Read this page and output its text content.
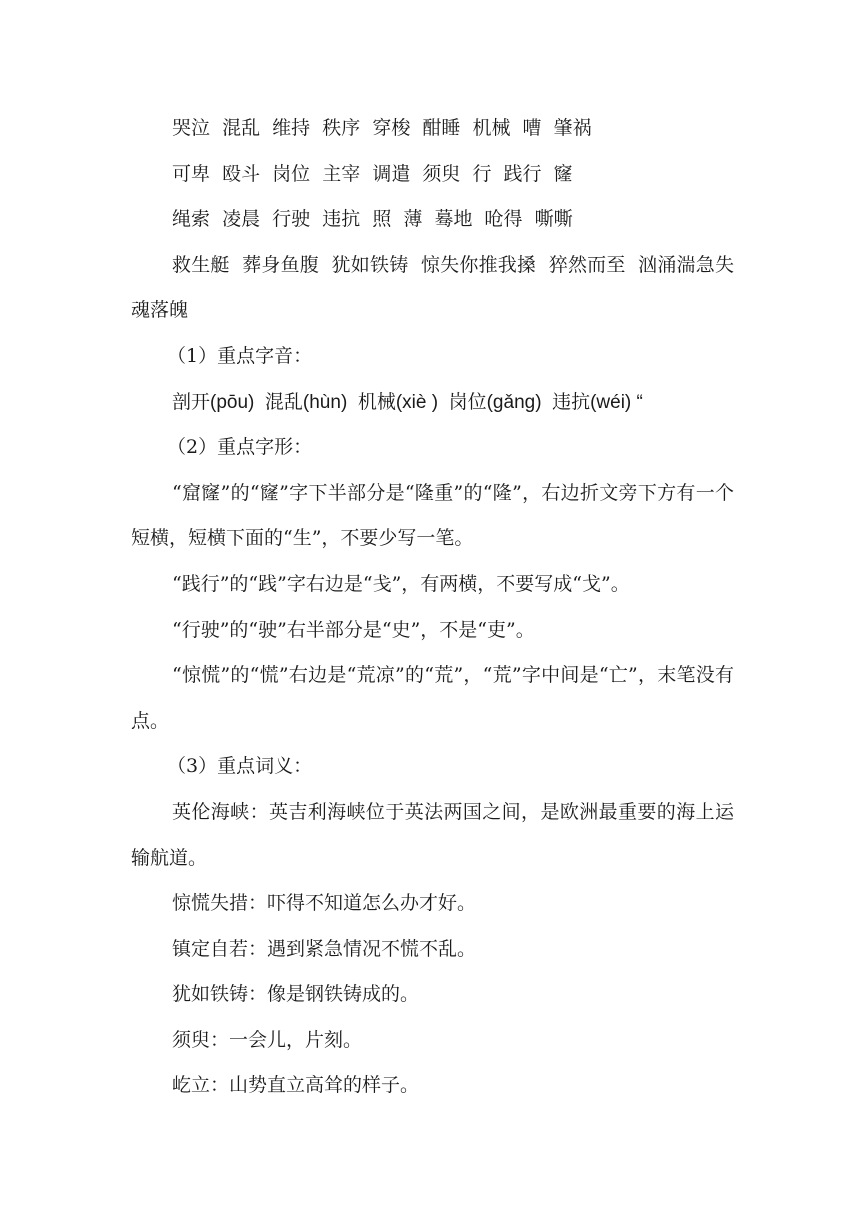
哭泣  混乱  维持  秩序  穿梭  酣睡  机械  嘈  肇祸

可卑  殴斗  岗位  主宰  调遣  须臾  行  践行  窿

绳索  凌晨  行驶  违抗  照  薄  蓦地  呛得  嘶嘶

救生艇  葬身鱼腹  犹如铁铸  惊失你推我搡  猝然而至  汹涌湍急失魂落魄

（1）重点字音：

剖开(pōu)  混乱(hùn)  机械(xiè )  岗位(gǎng)  违抗(wéi) “

（2）重点字形：

“窟窿”的“窿”字下半部分是“隆重”的“隆”，右边折文旁下方有一个短横，短横下面的“生”，不要少写一笔。

“践行”的“践”字右边是“戋”，有两横，不要写成“戈”。

“行驶”的“驶”右半部分是“史”，不是“吏”。

“惊慌”的“慌”右边是“荒凉”的“荒”，“荒”字中间是“亡”，末笔没有点。

（3）重点词义：

英伦海峡：英吉利海峡位于英法两国之间，是欧洲最重要的海上运输航道。

惊慌失措：吓得不知道怎么办才好。

镇定自若：遇到紧急情况不慌不乱。

犹如铁铸：像是钢铁铸成的。

须臾：一会儿，片刻。

屹立：山势直立高耸的样子。
